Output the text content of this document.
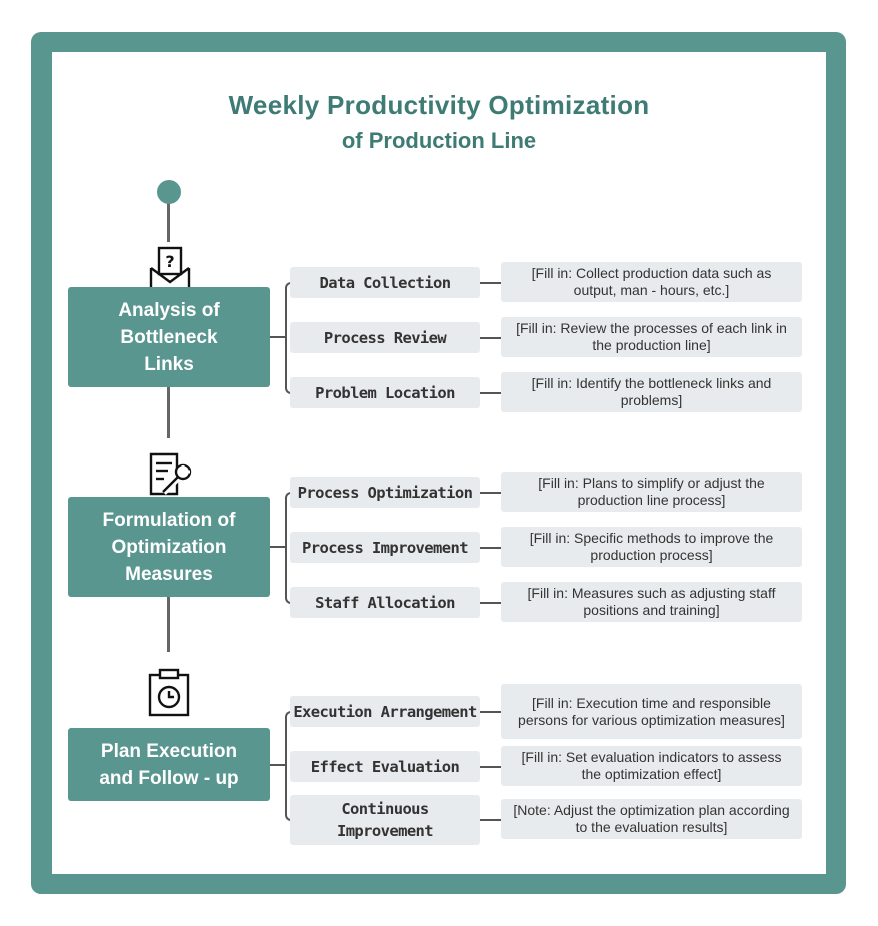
Weekly Productivity Optimization
of Production Line
?
Analysis of
Bottleneck
Links
Formulation of
Optimization
Measures
Plan Execution
and Follow - up
Data Collection
[Fill in: Collect production data such as output, man - hours, etc.]
Process Review
[Fill in: Review the processes of each link in the production line]
Problem Location
[Fill in: Identify the bottleneck links and problems]
Process Optimization
[Fill in: Plans to simplify or adjust the production line process]
Process Improvement
[Fill in: Specific methods to improve the production process]
Staff Allocation
[Fill in: Measures such as adjusting staff positions and training]
Execution Arrangement	[Fill in: Execution time and responsible persons for various optimization measures]
Effect Evaluation
[Fill in: Set evaluation indicators to assess the optimization effect]
Continuous Improvement
[Note: Adjust the optimization plan according to the evaluation results]
